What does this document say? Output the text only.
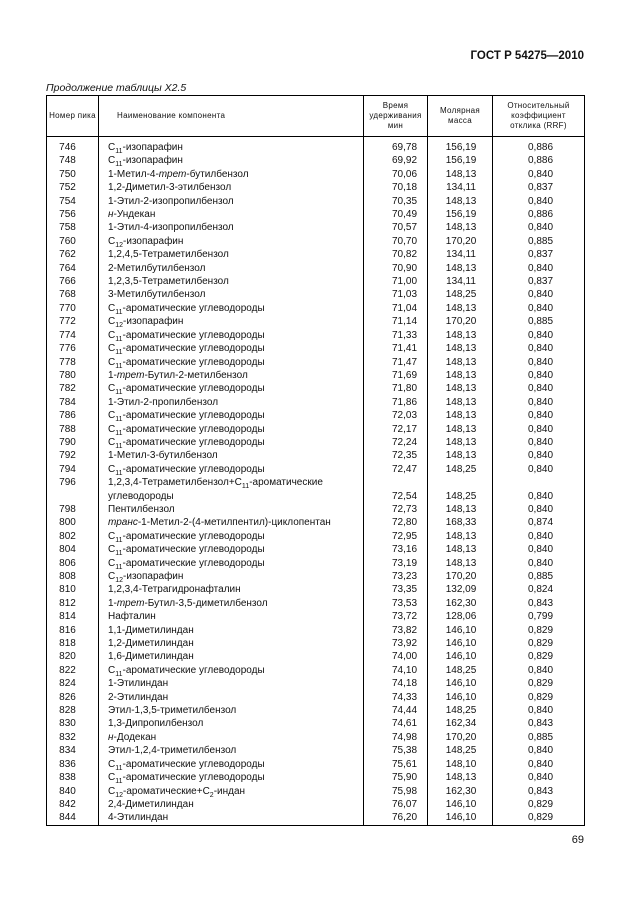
ГОСТ Р 54275—2010
Продолжение таблицы Х2.5
Номер пика	Наименование компонента	Время удерживания мин	Молярная масса	Относительный коэффициент отклика (RRF)
746	$C_{11}$-изопарафин	69,78	156,19	0,886
748	$C_{11}$-изопарафин	69,92	156,19	0,886
750	1-Метил-4-трет-бутилбензол	70,06	148,13	0,840
752	1,2-Диметил-3-этилбензол	70,18	134,11	0,837
754	1-Этил-2-изопропилбензол	70,35	148,13	0,840
756	н-Ундекан	70,49	156,19	0,886
758	1-Этил-4-изопропилбензол	70,57	148,13	0,840
760	$C_{12}$-изопарафин	70,70	170,20	0,885
762	1,2,4,5-Тетраметилбензол	70,82	134,11	0,837
764	2-Метилбутилбензол	70,90	148,13	0,840
766	1,2,3,5-Тетраметилбензол	71,00	134,11	0,837
768	3-Метилбутилбензол	71,03	148,25	0,840
770	$C_{11}$-ароматические углеводороды	71,04	148,13	0,840
772	$C_{12}$-изопарафин	71,14	170,20	0,885
774	$C_{11}$-ароматические углеводороды	71,33	148,13	0,840
776	$C_{11}$-ароматические углеводороды	71,41	148,13	0,840
778	$C_{11}$-ароматические углеводороды	71,47	148,13	0,840
780	1-трет-Бутил-2-метилбензол	71,69	148,13	0,840
782	$C_{11}$-ароматические углеводороды	71,80	148,13	0,840
784	1-Этил-2-пропилбензол	71,86	148,13	0,840
786	$C_{11}$-ароматические углеводороды	72,03	148,13	0,840
788	$C_{11}$-ароматические углеводороды	72,17	148,13	0,840
790	$C_{11}$-ароматические углеводороды	72,24	148,13	0,840
792	1-Метил-3-бутилбензол	72,35	148,13	0,840
794	$C_{11}$-ароматические углеводороды	72,47	148,25	0,840
796	$1,2,3,4-Тетраметилбензол+C_{11}$-ароматические углеводороды	72,54	148,25	0,840
798	Пентилбензол	72,73	148,13	0,840
800	транс-1-Метил-2-(4-метилпентил)-циклопентан	72,80	168,33	0,874
802	$C_{11}$-ароматические углеводороды	72,95	148,13	0,840
804	$C_{11}$-ароматические углеводороды	73,16	148,13	0,840
806	$C_{11}$-ароматические углеводороды	73,19	148,13	0,840
808	$C_{12}$-изопарафин	73,23	170,20	0,885
810	1,2,3,4-Тетрагидронафталин	73,35	132,09	0,824
812	1-трет-Бутил-3,5-диметилбензол	73,53	162,30	0,843
814	Нафталин	73,72	128,06	0,799
816	1,1-Диметилиндан	73,82	146,10	0,829
818	1,2-Диметилиндан	73,92	146,10	0,829
820	1,6-Диметилиндан	74,00	146,10	0,829
822	$C_{11}$-ароматические углеводороды	74,10	148,25	0,840
824	1-Этилиндан	74,18	146,10	0,829
826	2-Этилиндан	74,33	146,10	0,829
828	Этил-1,3,5-триметилбензол	74,44	148,25	0,840
830	1,3-Дипропилбензол	74,61	162,34	0,843
832	н-Додекан	74,98	170,20	0,885
834	Этил-1,2,4-триметилбензол	75,38	148,25	0,840
836	$C_{11}$-ароматические углеводороды	75,61	148,10	0,840
838	$C_{11}$-ароматические углеводороды	75,90	148,13	0,840
840	$C_{12}-ароматические+C_2$-индан	75,98	162,30	0,843
842	2,4-Диметилиндан	76,07	146,10	0,829
844	4-Этилиндан	76,20	146,10	0,829
69
